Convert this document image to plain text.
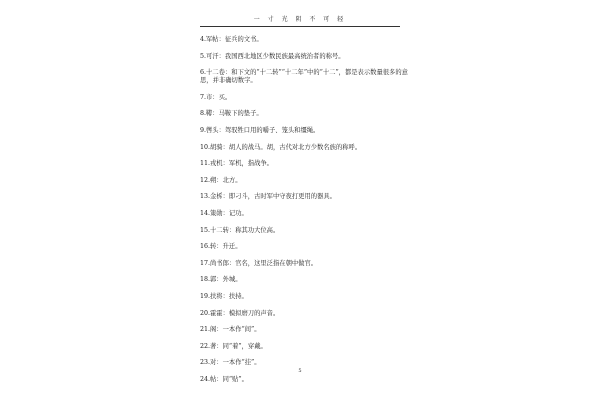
一 寸 光 阴 不 可 轻
4.军帖：征兵的文书。
5.可汗：我国西北地区少数民族最高统治者的称号。
6.十二卷：和下文的“十二转”“十二年”中的“十二”，都是表示数量很多的意思，并非确切数字。
7.市：买。
8.鞯：马鞍下的垫子。
9.辔头：驾驭牲口用的嚼子、笼头和缰绳。
10.胡骑：胡人的战马。胡，古代对北方少数名族的称呼。
11.戎机：军机，指战争。
12.朔：北方。
13.金柝：即刁斗，古时军中守夜打更用的器具。
14.策勋：记功。
15.十二转：称其功大位高。
16.转：升迁。
17.尚书郎：官名，这里泛指在朝中做官。
18.郭：外城。
19.扶将：扶持。
20.霍霍：模拟磨刀的声音。
21.阁：一本作“间”。
22.著：同“着”，穿戴。
23.对：一本作“挂”。
24.帖：同“贴”。
5
